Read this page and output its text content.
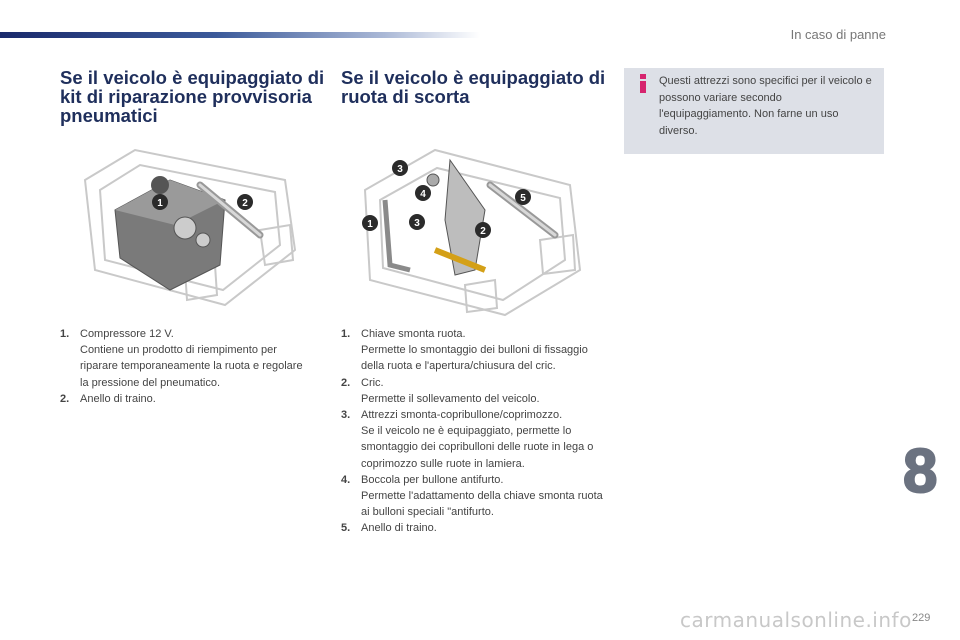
In caso di panne
Se il veicolo è equipaggiato di kit di riparazione provvisoria pneumatici
Se il veicolo è equipaggiato di ruota di scorta
Questi attrezzi sono specifici per il veicolo e possono variare secondo l'equipaggiamento. Non farne un uso diverso.
1	2
3
4
1	3
2
5
1. Compressore 12 V.
Contiene un prodotto di riempimento per riparare temporaneamente la ruota e regolare la pressione del pneumatico.
2. Anello di traino.
1. Chiave smonta ruota.
Permette lo smontaggio dei bulloni di fissaggio della ruota e l'apertura/chiusura del cric.
2. Cric.
Permette il sollevamento del veicolo.
3. Attrezzi smonta-copribullone/coprimozzo.
Se il veicolo ne è equipaggiato, permette lo smontaggio dei copribulloni delle ruote in lega o coprimozzo sulle ruote in lamiera.
4. Boccola per bullone antifurto.
Permette l'adattamento della chiave smonta ruota ai bulloni speciali "antifurto.
5. Anello di traino.
8
carmanualsonline.info 229
